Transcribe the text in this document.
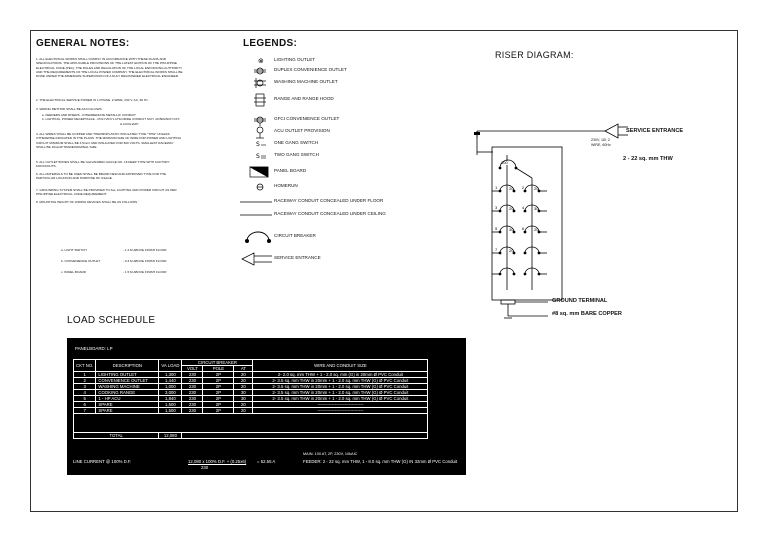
GENERAL NOTES:
1. ALL ELECTRICAL WORKS SHALL COMPLY IN ACCORDANCE WITH THESE PLANS AND SPECIFICATIONS. THE APPLICABLE PROVISIONS OF THE LATEST EDITION OF THE PHILIPPINE ELECTRICAL CODE (PEC), THE RULES AND REGULATION OF THE LOCAL ENFORCING AUTHORITY AND THE REQUIREMENTS OF THE LOCAL POWER COMPANY. THE ELECTRICAL WORKS SHALL BE DONE UNDER THE IMMEDIATE SUPERVISION OF A DULY REGISTERED ELECTRICAL ENGINEER.
2. THE ELECTRICAL SERVICE POWER IS 1 PHASE, 2-WIRE, 230 V, AC, 60 Hz.
3. WIRING METHOD SHALL BE AS FOLLOWS :
a. FEEDERS AND RISERS - INTERMEDIATE METALLIC CONDUIT
b. LIGHTING, POWER RECEPTACLE - POLYVINYL CHLORIDE CONDUIT SCH. 40 BRANCH CKT.
& AUXILIARY
4. ALL WIRES SHALL BE COPPER AND THERMOPLASTIC INSULATED TYPE "THW" UNLESS OTHERWISE INDICATED IN THE PLANS. THE MINIMUM SIZE OF WIRE FOR POWER AND LIGHTING CIRCUIT MINIMUM SHALL BE 3.5mm² AND INSULATED FOR 600 VOLTS. SMALLEST RACEWAY SHALL BE 15mmØ TRADE/NOMINAL SIZE.
5. ALL OUTLET BOXES SHALL BE GALVANIZED GAUGE NO. 16 DEEP TYPE WITH FACTORY KNOCKOUTS.
6. ALL MATERIALS TO BE USED SHALL BE BRAND NEW AND APPROVED TYPE FOR THE PARTICULAR LOCATION AND PURPOSE OF USAGE.
7. GROUNDING SYSTEM SHALL BE PROVIDED TO ALL LIGHTING AND POWER CIRCUIT AS PER PHILIPPINE ELECTRICAL CODE REQUIREMENT.
8. MOUNTING HEIGHT OF WIRING DEVICES SHALL BE AS FOLLOWS :
a. LIGHT SWITCH	- 1.2 M ABOVE FINISH FLOOR
b. CONVENIENCE OUTLET	- 0.3 M ABOVE FINISH FLOOR
c. PANEL BOARD	- 1.5 M ABOVE FINISH FLOOR
LEGENDS:
⊗ LIGHTING OUTLET
DUPLEX CONVENIENCE OUTLET
WASHING MACHINE OUTLET
RANGE AND RANGE HOOD
GFCI CONVENIENCE OUTLET
ACU OUTLET PROVISION
S	ONE GANG SWITCH
S	TWO GANG SWITCH
PANEL BOARD
HOMERUN
RACEWAY CONDUIT CONCEALED UNDER FLOOR
RACEWAY CONDUIT CONCEALED UNDER CEILING
CIRCUIT BREAKER
SERVICE ENTRANCE
RISER DIAGRAM:
100
1	20 2 20
3	20 4 30
5	30 6 20
7	20
SERVICE ENTRANCE
230V, 1Ø, 2
WIRE, 60Hz
2 - 22 sq. mm THW
GROUND TERMINAL
#8 sq. mm BARE COPPER
LOAD SCHEDULE
PANELBOARD: LP
CKT NO.	DESCRIPTION	VA LOAD	CIRCUIT BREAKER			WIRE AND CONDUIT SIZE
			VOLT	POLE	AT	
1	LIGHTING OUTLET	1,300	230	2P	20	2- 2.0 sq. mm THW + 1 - 2.0 sq. mm (G) in 20mm Ø PVC Conduit
2	CONVENIENCE OUTLET	1,440	230	2P	20	2- 3.5 sq. mm THW in 20mm + 1 - 2.0 sq. mm THW (G) Ø PVC Conduit
3	WASHING MACHINE	1,000	230	2P	20	2- 3.5 sq. mm THW in 20mm + 1 - 2.0 sq. mm THW (G) Ø PVC Conduit
4	COOKING RANGE	3,000	230	2P	30	2- 3.5 sq. mm THW in 20mm + 1 - 2.0 sq. mm THW (G) Ø PVC Conduit
5	1 - HP ACU	1,840	230	2P	30	2- 3.5 sq. mm THW in 20mm + 1 - 2.0 sq. mm THW (G) Ø PVC Conduit
6	SPARE	1,500	230	2P	20	--------------------------------
7	SPARE	1,500	230	2P	20	--------------------------------

TOTAL		12,080				
MAIN: 100 AT, 2P, 230V, 10kAIC
LINE CURRENT @ 100% D.F.	12,080 x 100% D.F. + (0.25x6)
230
= 52.55 A	FEEDER: 2 - 22 sq. mm THW, 1 - 8.0 sq. mm THW (G) IN 32mm Ø PVC Conduit
